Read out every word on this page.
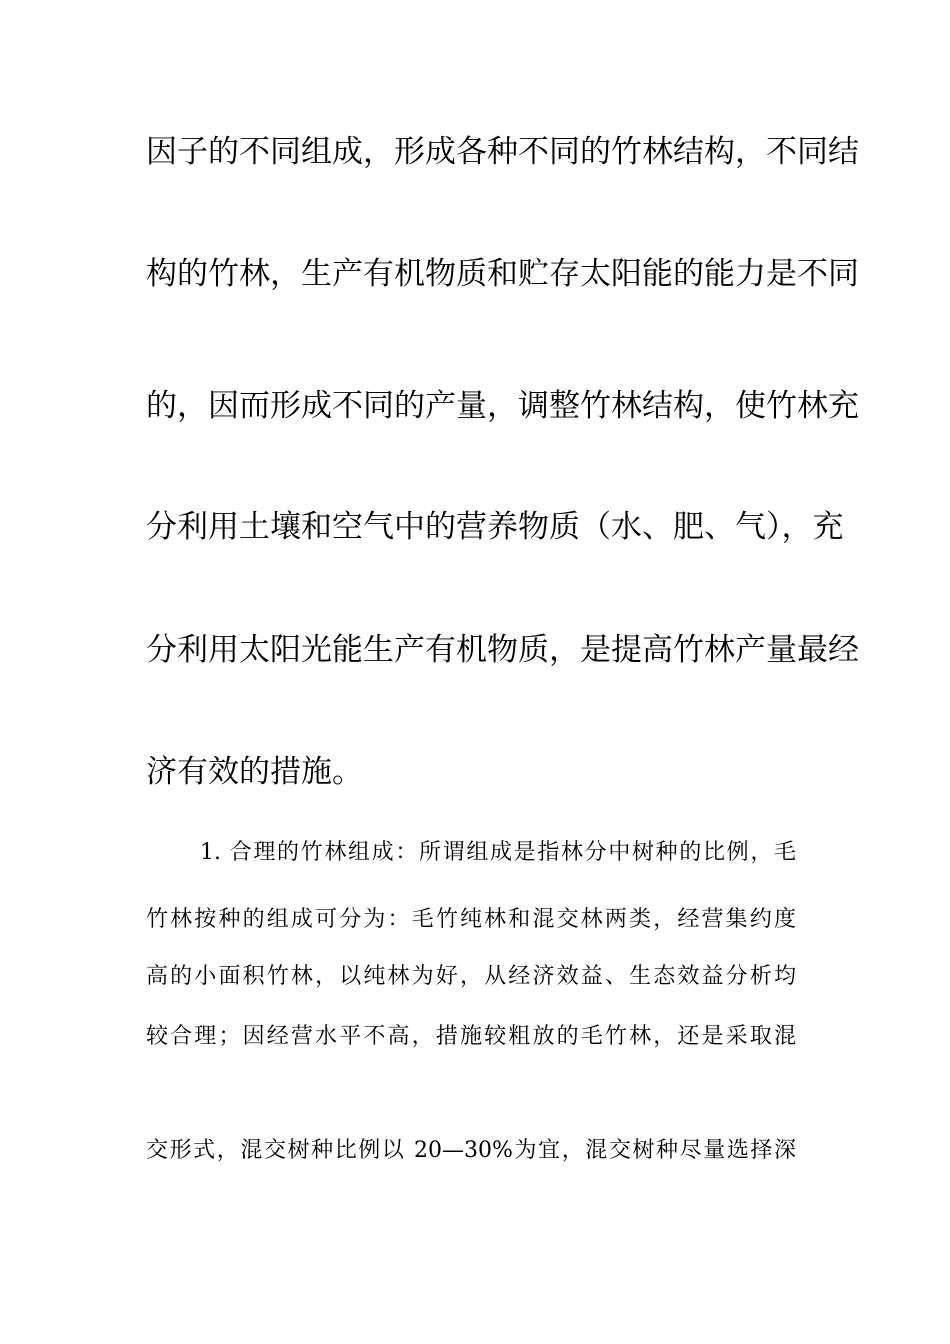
因子的不同组成，形成各种不同的竹林结构，不同结
构的竹林，生产有机物质和贮存太阳能的能力是不同
的，因而形成不同的产量，调整竹林结构，使竹林充
分利用土壤和空气中的营养物质（水、肥、气），充
分利用太阳光能生产有机物质，是提高竹林产量最经
济有效的措施。
1. 合理的竹林组成：所谓组成是指林分中树种的比例，毛
竹林按种的组成可分为：毛竹纯林和混交林两类，经营集约度
高的小面积竹林，以纯林为好，从经济效益、生态效益分析均
较合理；因经营水平不高，措施较粗放的毛竹林，还是采取混
交形式，混交树种比例以 20—30%为宜，混交树种尽量选择深
